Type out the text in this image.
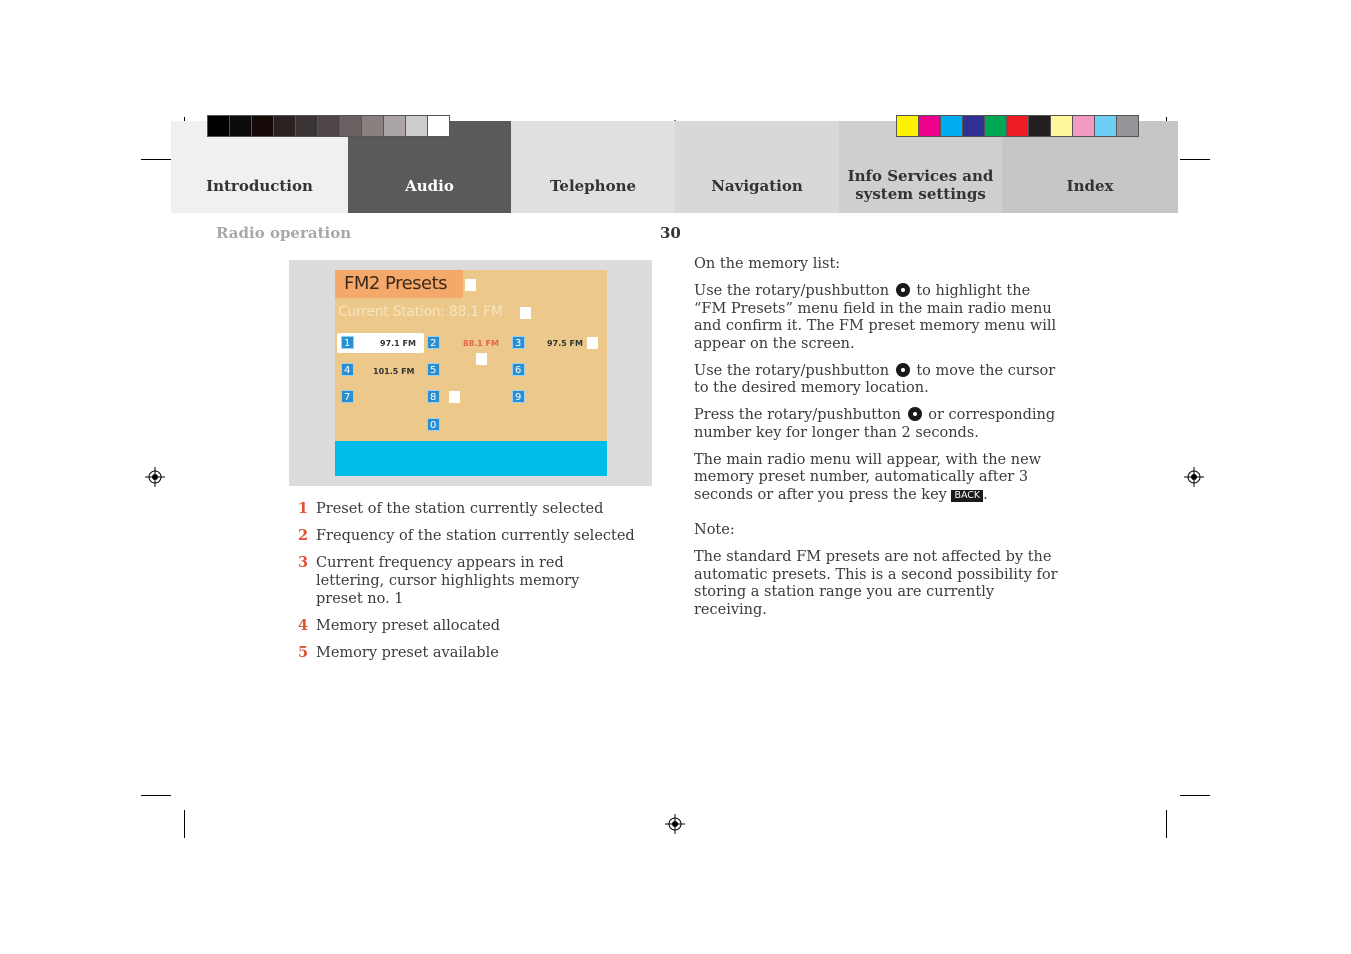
Introduction	Audio	Telephone	Navigation
Info Services and
system settings	Index
Radio operation	30
FM2 Presets
Current Station: 88.1 FM
1	97.1 FM	2	88.1 FM	3	97.5 FM
4	101.5 FM	5	6
7	8	9
0
1 Preset of the station currently selected
2 Frequency of the station currently selected
3 Current frequency appears in red lettering, cursor highlights memory preset no. 1
4 Memory preset allocated
5 Memory preset available

On the memory list:

Use the rotary/pushbutton to highlight the “FM Presets” menu field in the main radio menu and confirm it. The FM preset memory menu will appear on the screen.

Use the rotary/pushbutton to move the cursor to the desired memory location.

Press the rotary/pushbutton or corresponding number key for longer than 2 seconds.

The main radio menu will appear, with the new memory preset number, automatically after 3 seconds or after you press the key BACK .

Note:

The standard FM presets are not affected by the automatic presets. This is a second possibility for storing a station range you are currently receiving.
